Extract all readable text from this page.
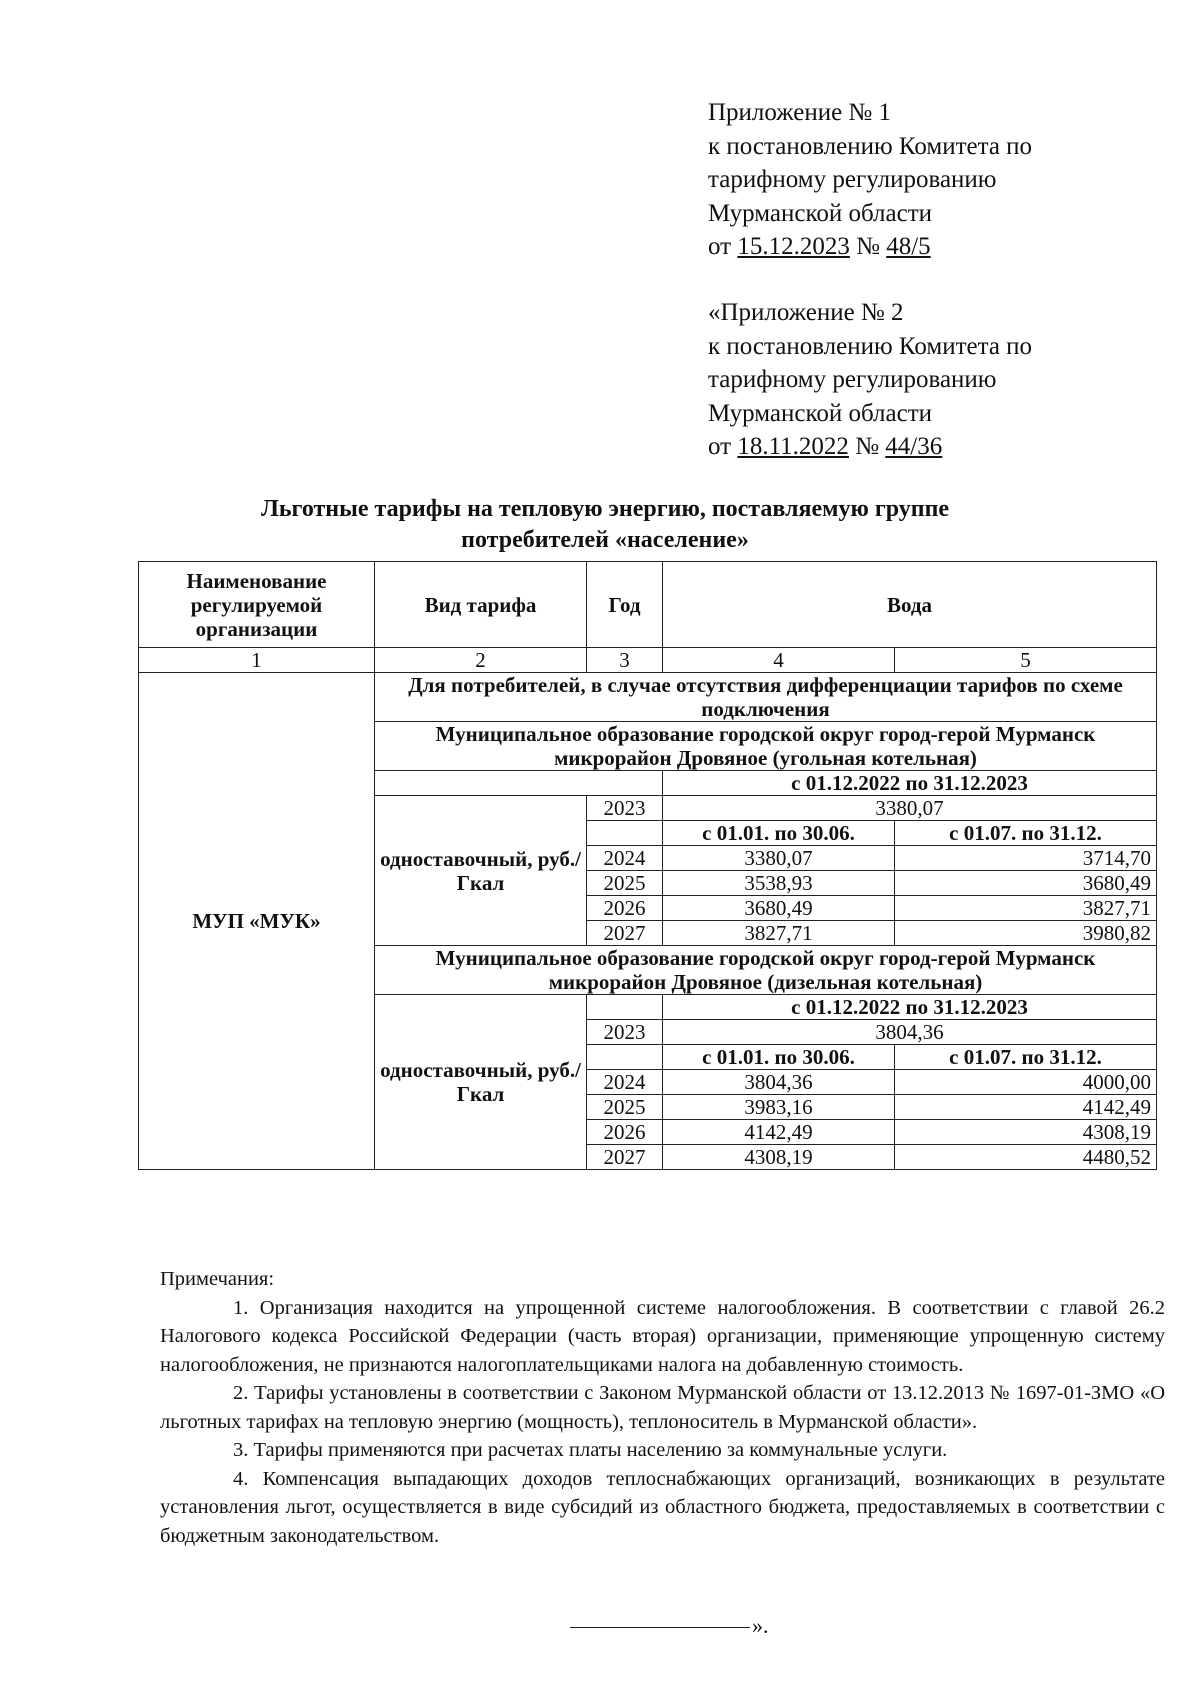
Приложение № 1
к постановлению Комитета по
тарифному регулированию
Мурманской области
от 15.12.2023 № 48/5
«Приложение № 2
к постановлению Комитета по
тарифному регулированию
Мурманской области
от 18.11.2022 № 44/36
Льготные тарифы на тепловую энергию, поставляемую группе
потребителей «население»
Наименование регулируемой организации	Вид тарифа	Год	Вода	
1	2	3	4	5
МУП «МУК»	Для потребителей, в случае отсутствия дифференциации тарифов по схеме подключения			
	Муниципальное образование городской округ город-герой Мурманск микрорайон Дровяное (угольная котельная)			
			с 01.12.2022 по 31.12.2023	
	одноставочный, руб./Гкал	2023	3380,07	
			с 01.01. по 30.06.	с 01.07. по 31.12.
		2024	3380,07	3714,70
		2025	3538,93	3680,49
		2026	3680,49	3827,71
		2027	3827,71	3980,82
	Муниципальное образование городской округ город-герой Мурманск микрорайон Дровяное (дизельная котельная)			
	одноставочный, руб./Гкал		с 01.12.2022 по 31.12.2023	
		2023	3804,36	
			с 01.01. по 30.06.	с 01.07. по 31.12.
		2024	3804,36	4000,00
		2025	3983,16	4142,49
		2026	4142,49	4308,19
		2027	4308,19	4480,52

Примечания:

1. Организация находится на упрощенной системе налогообложения. В соответствии с главой 26.2 Налогового кодекса Российской Федерации (часть вторая) организации, применяющие упрощенную систему налогообложения, не признаются налогоплательщиками налога на добавленную стоимость.

2. Тарифы установлены в соответствии с Законом Мурманской области от 13.12.2013 № 1697-01-ЗМО «О льготных тарифах на тепловую энергию (мощность), теплоноситель в Мурманской области».

3. Тарифы применяются при расчетах платы населению за коммунальные услуги.

4. Компенсация выпадающих доходов теплоснабжающих организаций, возникающих в результате установления льгот, осуществляется в виде субсидий из областного бюджета, предоставляемых в соответствии с бюджетным законодательством.

».
